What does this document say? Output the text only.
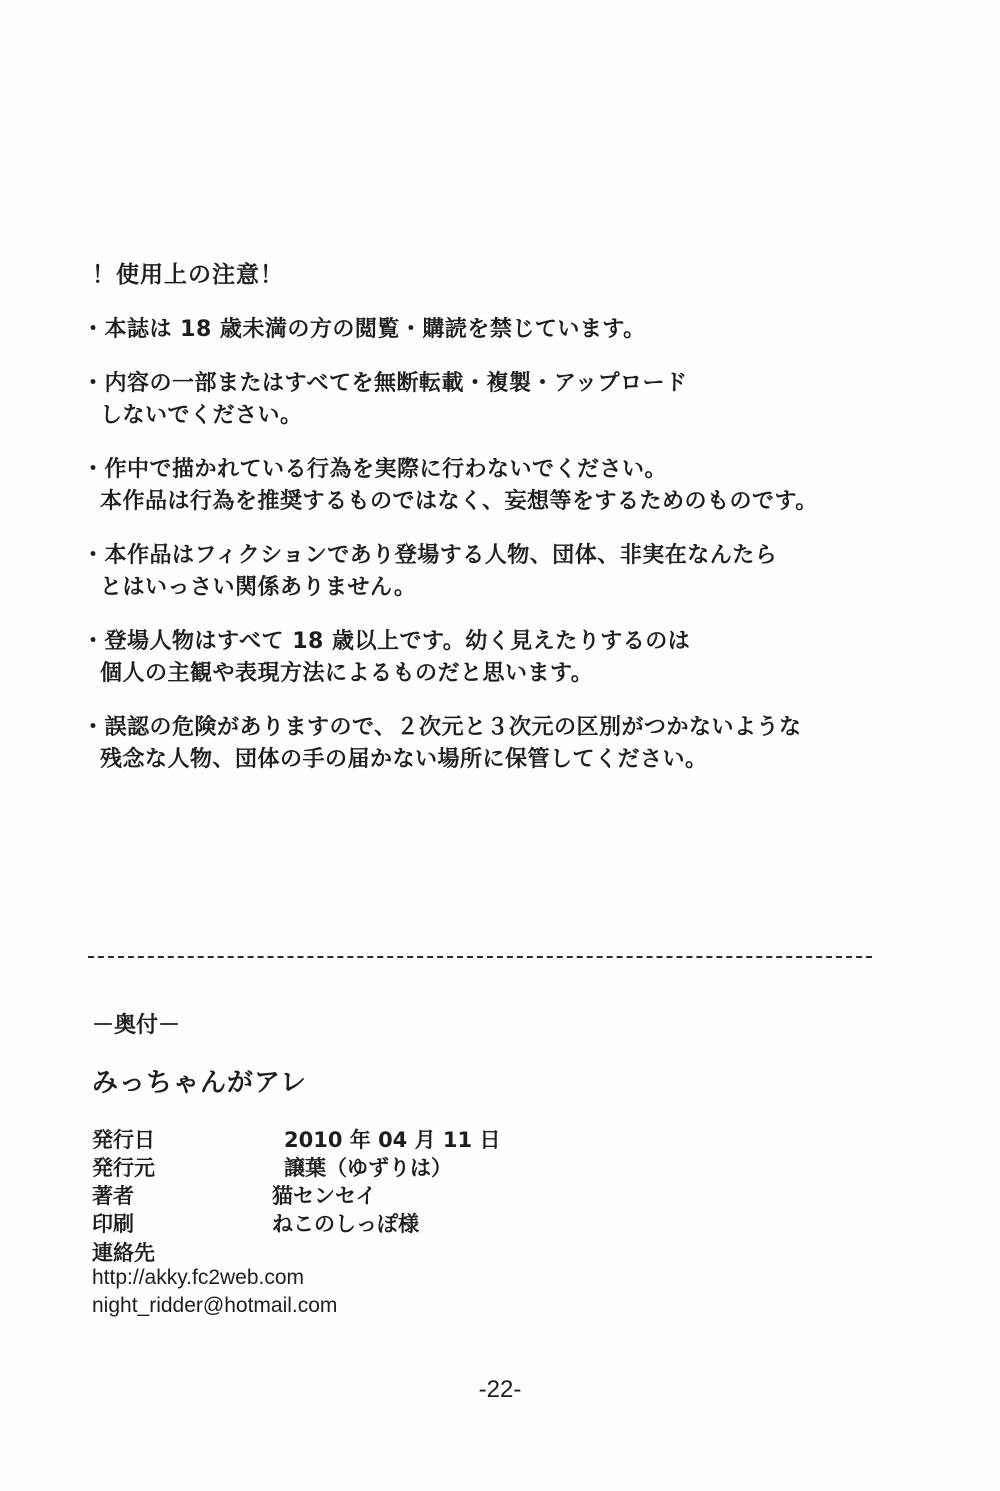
！使用上の注意！
・本誌は 18 歳未満の方の閲覧・購読を禁じています。
・内容の一部またはすべてを無断転載・複製・アップロード
しないでください。
・作中で描かれている行為を実際に行わないでください。
本作品は行為を推奨するものではなく、妄想等をするためのものです。
・本作品はフィクションであり登場する人物、団体、非実在なんたら
とはいっさい関係ありません。
・登場人物はすべて 18 歳以上です。幼く見えたりするのは
個人の主観や表現方法によるものだと思います。
・誤認の危険がありますので、２次元と３次元の区別がつかないような
残念な人物、団体の手の届かない場所に保管してください。
－奥付－
みっちゃんがアレ
発行日	2010 年 04 月 11 日
発行元	譲葉（ゆずりは）
著者	猫センセイ
印刷	ねこのしっぽ様
連絡先
http://akky.fc2web.com
night_ridder@hotmail.com
-22-
